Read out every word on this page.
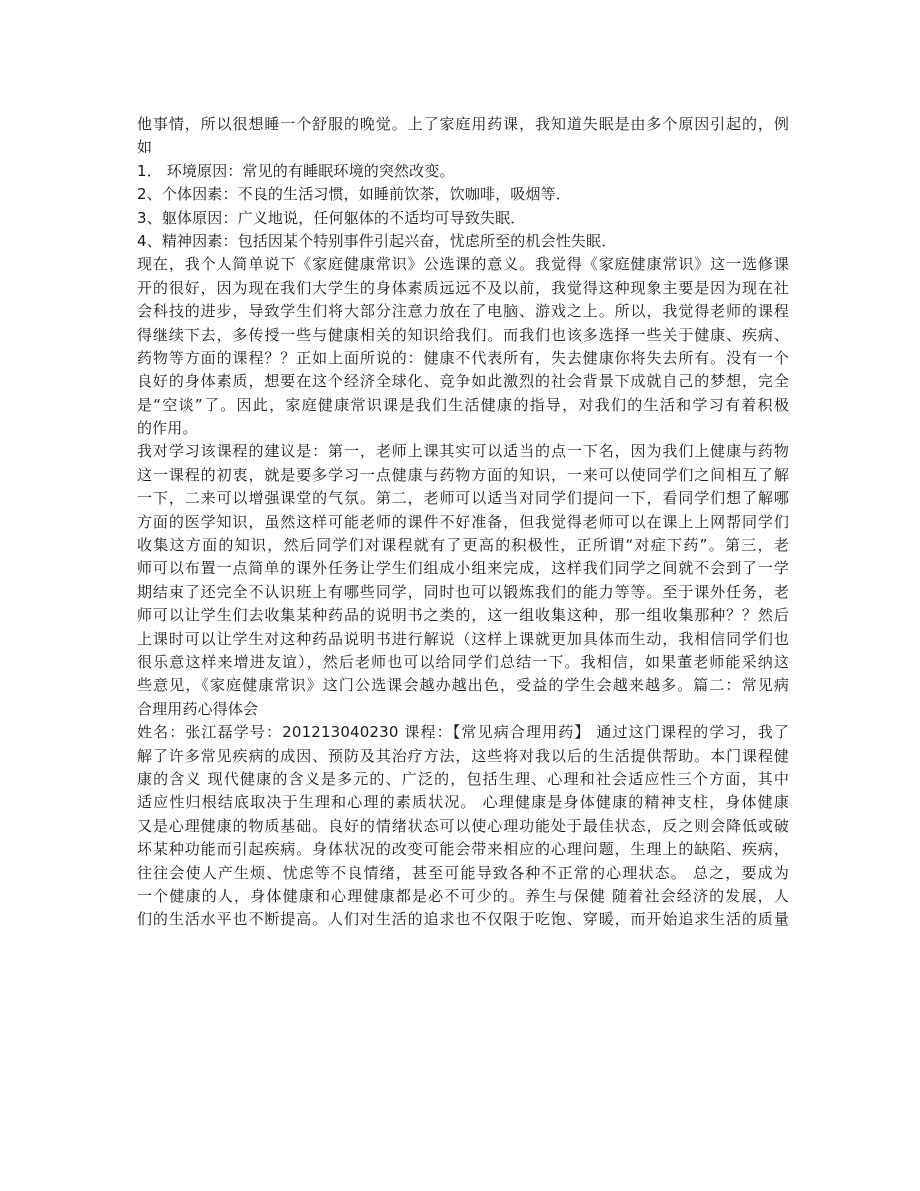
他事情，所以很想睡一个舒服的晚觉。上了家庭用药课，我知道失眠是由多个原因引起的，例
如
1． 环境原因：常见的有睡眠环境的突然改变。
2、个体因素：不良的生活习惯，如睡前饮茶，饮咖啡，吸烟等．
3、躯体原因：广义地说，任何躯体的不适均可导致失眠．
4、精神因素：包括因某个特别事件引起兴奋，忧虑所至的机会性失眠．
现在，我个人简单说下《家庭健康常识》公选课的意义。我觉得《家庭健康常识》这一选修课
开的很好，因为现在我们大学生的身体素质远远不及以前，我觉得这种现象主要是因为现在社
会科技的进步，导致学生们将大部分注意力放在了电脑、游戏之上。所以，我觉得老师的课程
得继续下去，多传授一些与健康相关的知识给我们。而我们也该多选择一些关于健康、疾病、
药物等方面的课程？？正如上面所说的：健康不代表所有，失去健康你将失去所有。没有一个
良好的身体素质，想要在这个经济全球化、竞争如此激烈的社会背景下成就自己的梦想，完全
是“空谈”了。因此，家庭健康常识课是我们生活健康的指导，对我们的生活和学习有着积极
的作用。
我对学习该课程的建议是：第一，老师上课其实可以适当的点一下名，因为我们上健康与药物
这一课程的初衷，就是要多学习一点健康与药物方面的知识，一来可以使同学们之间相互了解
一下，二来可以增强课堂的气氛。第二，老师可以适当对同学们提问一下，看同学们想了解哪
方面的医学知识，虽然这样可能老师的课件不好准备，但我觉得老师可以在课上上网帮同学们
收集这方面的知识，然后同学们对课程就有了更高的积极性，正所谓“对症下药”。第三，老
师可以布置一点简单的课外任务让学生们组成小组来完成，这样我们同学之间就不会到了一学
期结束了还完全不认识班上有哪些同学，同时也可以锻炼我们的能力等等。至于课外任务，老
师可以让学生们去收集某种药品的说明书之类的，这一组收集这种，那一组收集那种？？然后
上课时可以让学生对这种药品说明书进行解说（这样上课就更加具体而生动，我相信同学们也
很乐意这样来增进友谊），然后老师也可以给同学们总结一下。我相信，如果董老师能采纳这
些意见，《家庭健康常识》这门公选课会越办越出色，受益的学生会越来越多。篇二：常见病
合理用药心得体会
姓名：张江磊学号：201213040230 课程：【常见病合理用药】 通过这门课程的学习，我了
解了许多常见疾病的成因、预防及其治疗方法，这些将对我以后的生活提供帮助。本门课程健
康的含义 现代健康的含义是多元的、广泛的，包括生理、心理和社会适应性三个方面，其中
适应性归根结底取决于生理和心理的素质状况。 心理健康是身体健康的精神支柱，身体健康
又是心理健康的物质基础。良好的情绪状态可以使心理功能处于最佳状态，反之则会降低或破
坏某种功能而引起疾病。身体状况的改变可能会带来相应的心理问题，生理上的缺陷、疾病，
往往会使人产生烦、忧虑等不良情绪，甚至可能导致各种不正常的心理状态。 总之，要成为
一个健康的人，身体健康和心理健康都是必不可少的。养生与保健 随着社会经济的发展，人
们的生活水平也不断提高。人们对生活的追求也不仅限于吃饱、穿暖，而开始追求生活的质量
